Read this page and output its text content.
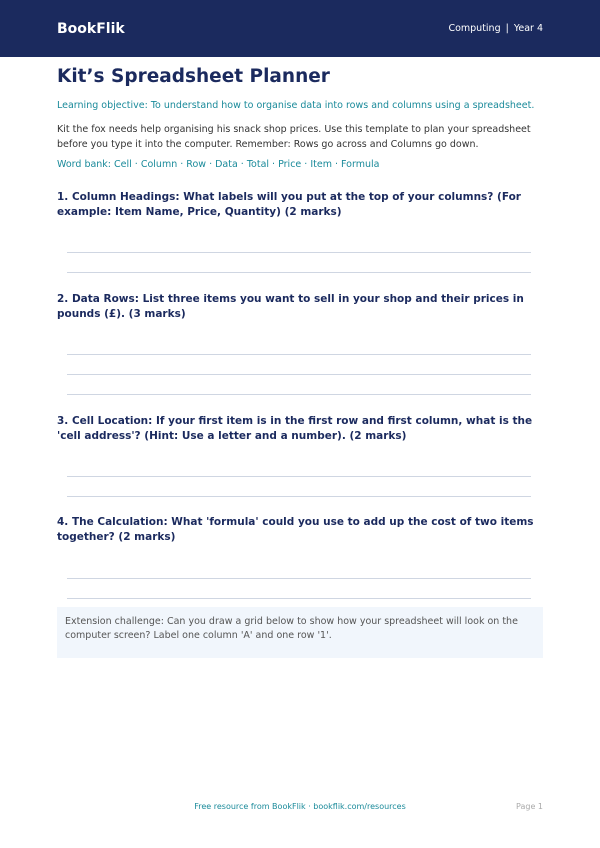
BookFlik	Computing | Year 4
Kit’s Spreadsheet Planner
Learning objective: To understand how to organise data into rows and columns using a spreadsheet.
Kit the fox needs help organising his snack shop prices. Use this template to plan your spreadsheet before you type it into the computer. Remember: Rows go across and Columns go down.
Word bank: Cell · Column · Row · Data · Total · Price · Item · Formula
1. Column Headings: What labels will you put at the top of your columns? (For example: Item Name, Price, Quantity) (2 marks)
2. Data Rows: List three items you want to sell in your shop and their prices in pounds (£). (3 marks)
3. Cell Location: If your first item is in the first row and first column, what is the 'cell address'? (Hint: Use a letter and a number). (2 marks)
4. The Calculation: What 'formula' could you use to add up the cost of two items together? (2 marks)
Extension challenge: Can you draw a grid below to show how your spreadsheet will look on the computer screen? Label one column 'A' and one row '1'.
Free resource from BookFlik · bookflik.com/resources	Page 1
